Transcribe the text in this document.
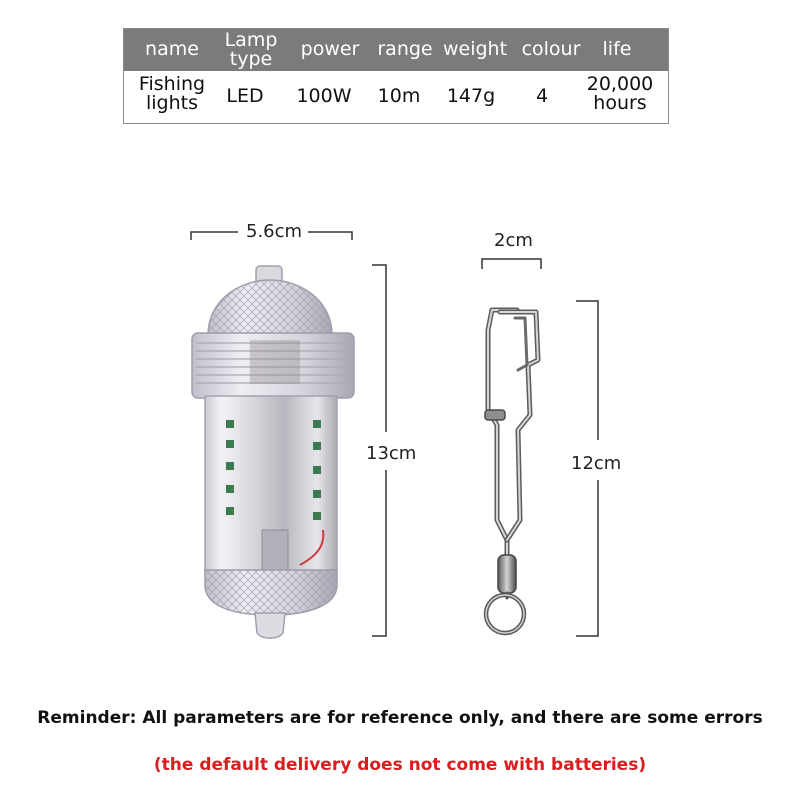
name Lamp
type power range weight colour life
Fishing
lights	LED 100W 10m 147g 4
20,000
hours
5.6cm
13cm
2cm
12cm
Reminder: All parameters are for reference only, and there are some errors
(the default delivery does not come with batteries)
